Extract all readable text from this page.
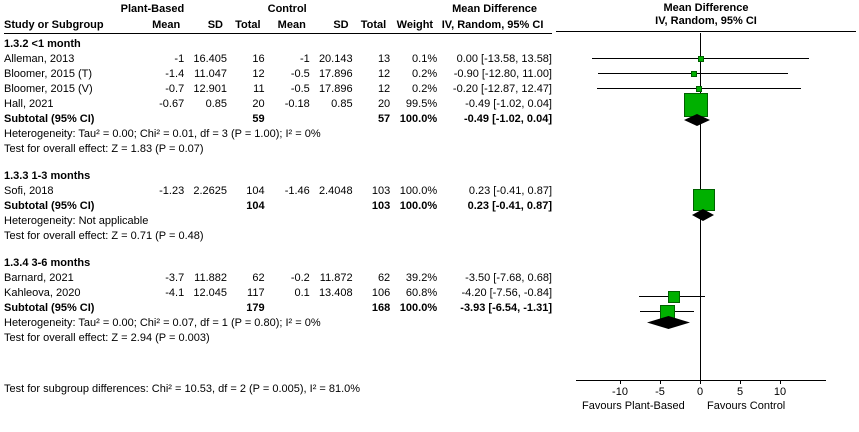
	Plant-Based			Control				Mean Difference
Study or Subgroup	Mean	SD	Total	Mean	SD	Total	Weight	IV, Random, 95% CI
1.3.2 <1 month								
Alleman, 2013	-1	16.405	16	-1	20.143	13	0.1%	0.00 [-13.58, 13.58]
Bloomer, 2015 (T)	-1.4	11.047	12	-0.5	17.896	12	0.2%	-0.90 [-12.80, 11.00]
Bloomer, 2015 (V)	-0.7	12.901	11	-0.5	17.896	12	0.2%	-0.20 [-12.87, 12.47]
Hall, 2021	-0.67	0.85	20	-0.18	0.85	20	99.5%	-0.49 [-1.02, 0.04]
Subtotal (95% CI)			59			57	100.0%	-0.49 [-1.02, 0.04]
Heterogeneity: Tau² = 0.00; Chi² = 0.01, df = 3 (P = 1.00); I² = 0%								
Test for overall effect: Z = 1.83 (P = 0.07)								

1.3.3 1-3 months								
Sofi, 2018	-1.23	2.2625	104	-1.46	2.4048	103	100.0%	0.23 [-0.41, 0.87]
Subtotal (95% CI)			104			103	100.0%	0.23 [-0.41, 0.87]
Heterogeneity: Not applicable								
Test for overall effect: Z = 0.71 (P = 0.48)								

1.3.4 3-6 months								
Barnard, 2021	-3.7	11.882	62	-0.2	11.872	62	39.2%	-3.50 [-7.68, 0.68]
Kahleova, 2020	-4.1	12.045	117	0.1	13.408	106	60.8%	-4.20 [-7.56, -0.84]
Subtotal (95% CI)			179			168	100.0%	-3.93 [-6.54, -1.31]
Heterogeneity: Tau² = 0.00; Chi² = 0.07, df = 1 (P = 0.80); I² = 0%								
Test for overall effect: Z = 2.94 (P = 0.003)								

Test for subgroup differences: Chi² = 10.53, df = 2 (P = 0.005), I² = 81.0%								
Mean Difference
IV, Random, 95% CI
-10	-5	0	5	10
Favours Plant-Based Favours Control
